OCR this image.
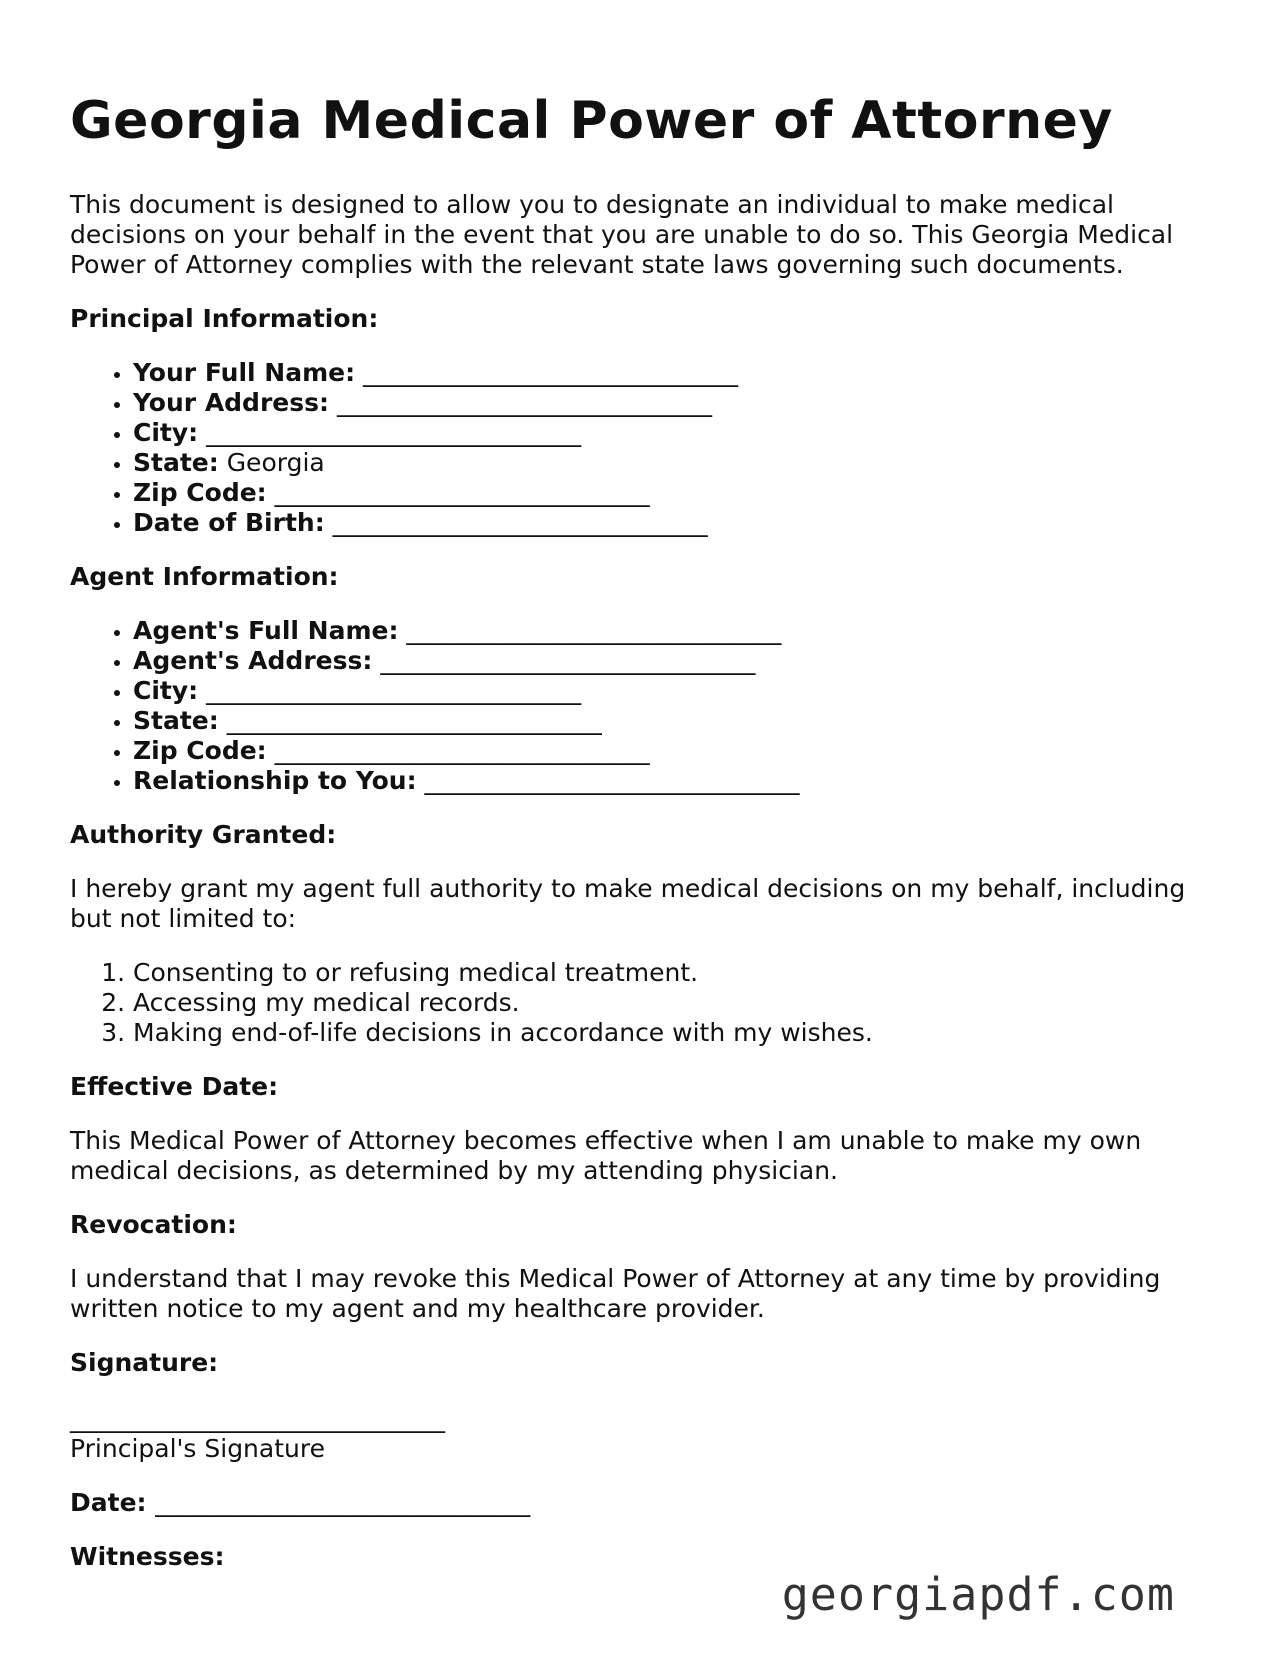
Georgia Medical Power of Attorney

This document is designed to allow you to designate an individual to make medical decisions on your behalf in the event that you are unable to do so. This Georgia Medical Power of Attorney complies with the relevant state laws governing such documents.

Principal Information:
• Your Full Name: ______________________________
• Your Address: ______________________________
• City: ______________________________
• State: Georgia
• Zip Code: ______________________________
• Date of Birth: ______________________________
Agent Information:
• Agent's Full Name: ______________________________
• Agent's Address: ______________________________
• City: ______________________________
• State: ______________________________
• Zip Code: ______________________________
• Relationship to You: ______________________________
Authority Granted:

I hereby grant my agent full authority to make medical decisions on my behalf, including but not limited to:

1. Consenting to or refusing medical treatment.
2. Accessing my medical records.
3. Making end-of-life decisions in accordance with my wishes.
Effective Date:

This Medical Power of Attorney becomes effective when I am unable to make my own medical decisions, as determined by my attending physician.

Revocation:

I understand that I may revoke this Medical Power of Attorney at any time by providing written notice to my agent and my healthcare provider.

Signature:
______________________________
Principal's Signature
Date: ______________________________
Witnesses:
georgiapdf.com
